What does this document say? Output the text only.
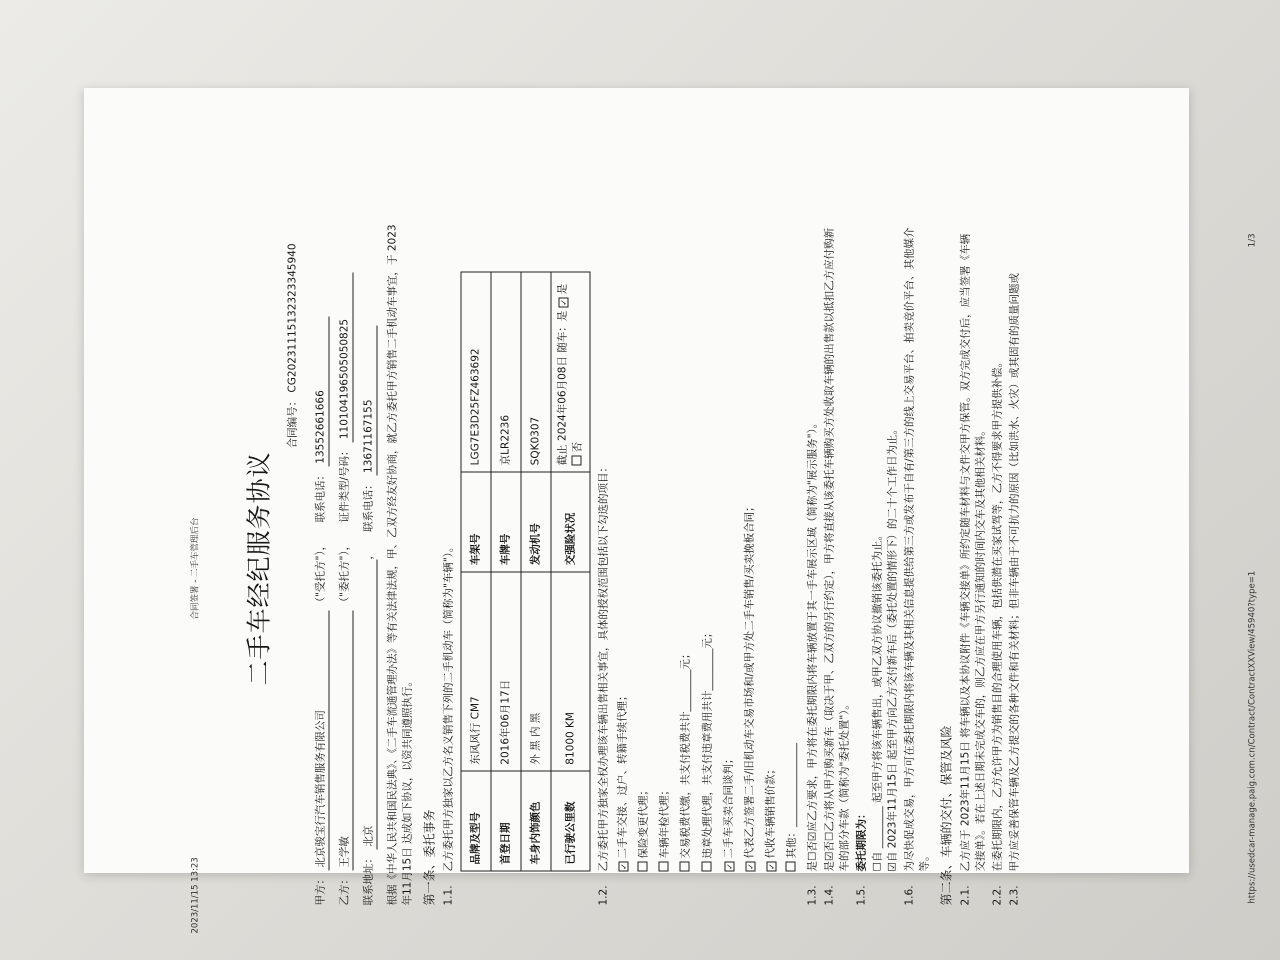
2023/11/15 13:23
合同签署 - 二手车管理后台 二手车经纪服务协议
合同编号： CG20231115132323345940
甲方： 北京骏宝行汽车销售服务有限公司 （"受托方"）， 联系电话： 13552661666
乙方： 王学敏 （"委托方"）， 证件类型/号码： 110104196505050825
联系地址： 北京， 联系电话： 13671167155	根据《中华人民共和国民法典》、《二手车流通管理办法》等有关法律法规，甲、乙双方经友好协商，就乙方委托甲方销售二手机动车事宜，于 2023年11月15日 达成如下协议，以资共同遵照执行。 第一条、委托事务 1.1.
乙方委托甲方独家以乙方名义销售下列的二手机动车（简称为"车辆"）。 品牌及型号	东风风行 CM7	车架号	LGG7E3D25FZ463692
首登日期	2016年06月17日	车牌号	京LR2236
车身内饰颜色	外 黑 内 黑	发动机号	SQK0307
已行驶公里数	81000 KM	交强险状况	截止 2024年06月08日 随车：是 ✓是 否
1.2.
乙方委托甲方独家全权办理该车辆出售相关事宜，具体的授权范围包括以下勾选的项目：	✓二手车交接、过户、转籍手续代理； 保险变更代理； 车辆年检代理； 交易税费代缴，共支付税费共计________元； 违章处理代理，共支付违章费用共计________元；
✓二手车买卖合同谈判；
✓代表乙方签署二手/旧机动车交易市场和/或甲方处二手车销售/买卖挽板合同；
✓代收车辆销售价款； 其他：________________
1.3.
是☐否☑应乙方要求，甲方将在委托期限内将车辆放置于其一手车展示区域（简称为"展示服务"）。
1.4.
是☑否☐乙方将从甲方购买新车（取决于甲、乙双方的另行约定），甲方将直接从该委托车辆购买方处收取车辆的出售款以抵扣乙方应付购新车的部分车款（简称为"委托处置"）。
1.5.
委托期限为： ☐自 ________ 起至甲方将该车辆售出，或甲乙双方协议撤销该委托为止。 ☑自 2023年11月15日 起至甲方向乙方交付新车后（委托处置的情形下）的二十个工作日为止。
1.6.
为尽快促成交易，甲方可在委托期限内将该车辆及其相关信息提供给第三方或发布于自有/第三方的线上交易平台、拍卖竞价平台、其他媒介等。 第二条、车辆的交付、保管及风险 2.1.
乙方应于 2023年11月15日 将车辆以及本协议附件《车辆交接单》所约定随车材料与文件交甲方保管。双方完成交付后，应当签署《车辆交接单》。若在上述日期未完成交车的，则乙方应在甲方另行通知的时间内交车及其他相关材料。
2.2.
在委托期限内，乙方允许甲方为销售目的合理使用车辆，包括供潜在买家试驾等，乙方不得要求甲方提供补偿。
2.3.
甲方应妥善保管车辆及乙方提交的各种文件和有关材料；但非车辆由于不可抗力的原因（比如洪水、火灾）或其固有的质量问题或	https://usedcar-manage.paig.com.cn/Contract/ContractXXView/45940?type=1
1/3
